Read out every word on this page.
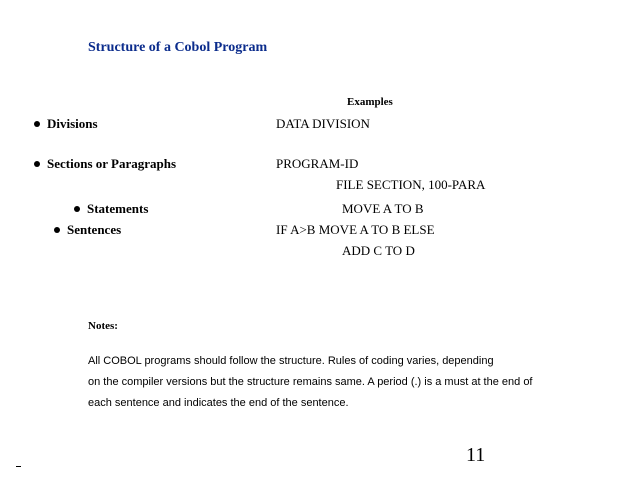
Structure of a Cobol Program
Examples
Divisions	DATA DIVISION
Sections or Paragraphs	PROGRAM-ID
FILE SECTION, 100-PARA
Statements	MOVE A TO B
Sentences	IF A>B MOVE A TO B ELSE
ADD C TO D
Notes:
All COBOL programs should follow the structure. Rules of coding varies, depending
on the compiler versions but the structure remains same. A period (.) is a must at the end of
each sentence and indicates the end of the sentence.
11
